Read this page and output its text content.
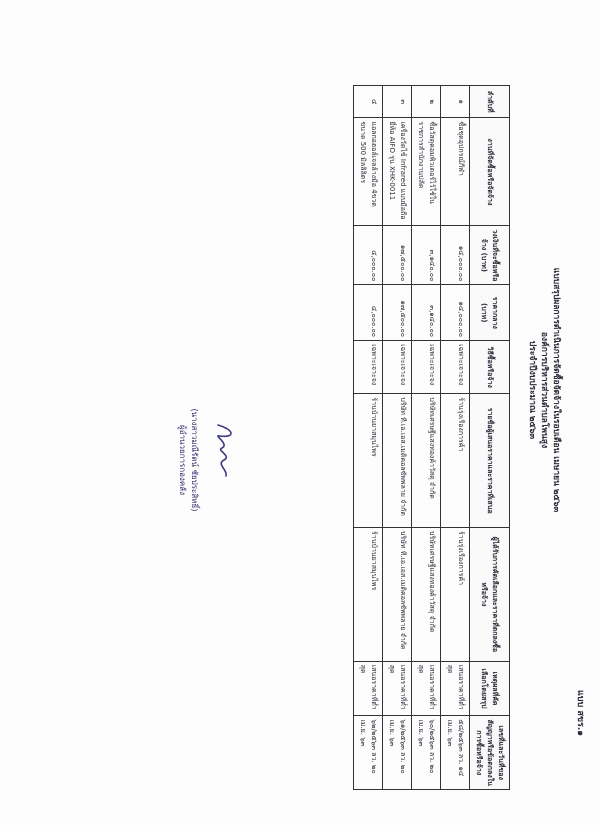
แบบ สขร.๑
แบบสรุปผลการดำเนินการจัดซื้อจัดจ้างในรอบเดือน เมษายน ๒๕๖๓
องค์การบริหารส่วนตำบลโพนสูง
ประจำปีงบประมาณ ๒๕๖๓
ลำดับที่	งานที่จัดซื้อหรือจัดจ้าง	วงเงินที่จะซื้อหรือจ้าง (บาท)	ราคากลาง (บาท)	วิธีซื้อหรือจ้าง	รายชื่อผู้เสนอราคาและราคาที่เสนอ	ผู้ได้รับการคัดเลือกและราคาที่ตกลงซื้อหรือจ้าง	เหตุผลที่คัดเลือกโดยสรุป	เลขที่และวันที่ของสัญญาหรือข้อตกลงในการซื้อหรือจ้าง
๑	ซื้อชุดอุปกรณ์กีฬา	๑๔,๐๐๐.๐๐	๑๔,๐๐๐.๐๐	เฉพาะเจาะจง	ร้านรุ่งเรืองการค้า	ร้านรุ่งเรืองการค้า	เสนอราคาที่ต่ำสุด	๕๘/๒๕๖๓ ลว. ๑๔ เม.ย. ๖๓
๒	ซื้อวัสดุคอมพิวเตอร์ไว้ใช้ในราชการสำนักงานปลัด	๓,๑๔๐.๐๐	๓,๑๔๐.๐๐	เฉพาะเจาะจง	บริษัทเศรษฐีแสงทองค้าวัสดุ จำกัด	บริษัทเศรษฐีแสงทองค้าวัสดุ จำกัด	เสนอราคาที่ต่ำสุด	๖๐/๒๕๖๓ ลว. ๒๐ เม.ย. ๖๓
๓	เครื่องวัดไข้ Infrared แบบมือถือ ยี่ห้อ AIFO รุ่น XHK-0011	๑๗,๕๐๐.๐๐	๑๗,๕๐๐.๐๐	เฉพาะเจาะจง	บริษัท ที.เอ.เอส.เมดิคอลซัพพลาย จำกัด	บริษัท ที.เอ.เอส.เมดิคอลซัพพลาย จำกัด	เสนอราคาที่ต่ำสุด	๖๑/๒๕๖๓ ลว. ๒๐ เม.ย. ๖๓
๔	แอลกอฮอล์เจลล้างมือ 4ขวด ขนาด 500 มิลลิลิตร	๔,๐๐๐.๐๐	๔,๐๐๐.๐๐	เฉพาะเจาะจง	ร้านบ้านยาสมุนไพร	ร้านบ้านยาสมุนไพร	เสนอราคาที่ต่ำสุด	๖๒/๒๕๖๓ ลว. ๒๐ เม.ย. ๖๓
(นางสาวมณีรัตน์ ชัยประสิทธิ์)
ผู้อำนวยการกองคลัง
